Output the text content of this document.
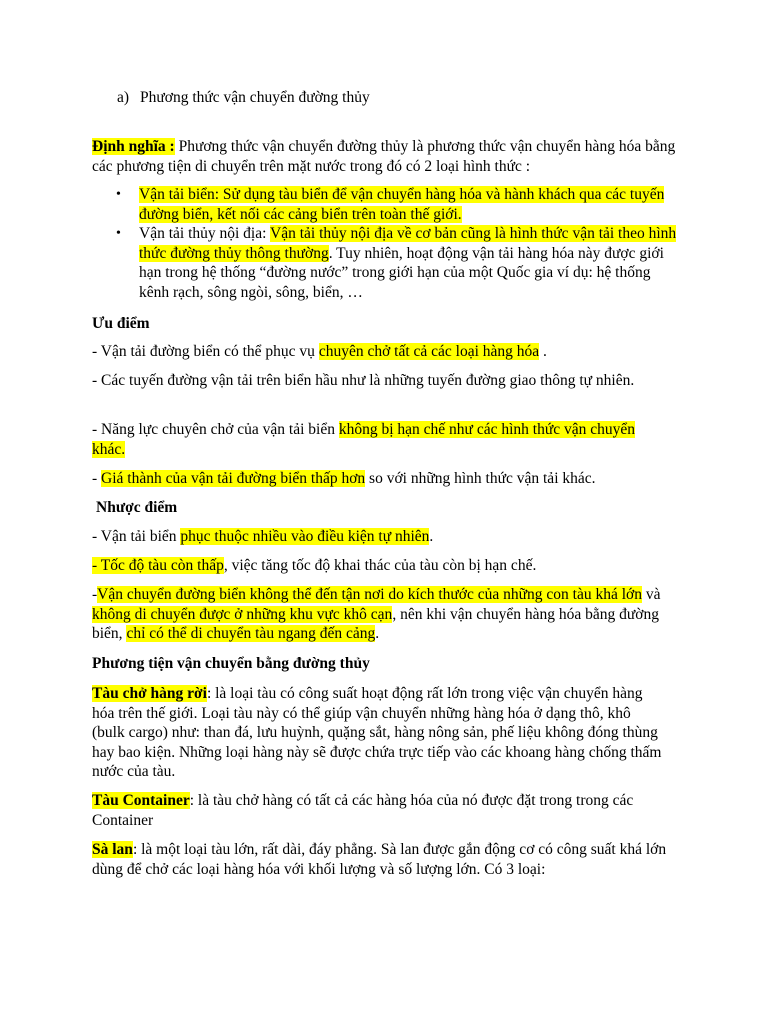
a) Phương thức vận chuyển đường thủy

Định nghĩa : Phương thức vận chuyển đường thủy là phương thức vận chuyển hàng hóa bằng các phương tiện di chuyển trên mặt nước trong đó có 2 loại hình thức :

• Vận tải biển: Sử dụng tàu biển để vận chuyển hàng hóa và hành khách qua các tuyến đường biển, kết nối các cảng biển trên toàn thế giới.

• Vận tải thủy nội địa: Vận tải thủy nội địa về cơ bản cũng là hình thức vận tải theo hình thức đường thủy thông thường. Tuy nhiên, hoạt động vận tải hàng hóa này được giới hạn trong hệ thống “đường nước” trong giới hạn của một Quốc gia ví dụ: hệ thống kênh rạch, sông ngòi, sông, biển, …

Ưu điểm

- Vận tải đường biển có thể phục vụ chuyên chở tất cả các loại hàng hóa .

- Các tuyến đường vận tải trên biển hầu như là những tuyến đường giao thông tự nhiên.

- Năng lực chuyên chở của vận tải biển không bị hạn chế như các hình thức vận chuyển khác.

- Giá thành của vận tải đường biển thấp hơn so với những hình thức vận tải khác.

Nhược điểm

- Vận tải biển phục thuộc nhiều vào điều kiện tự nhiên.

- Tốc độ tàu còn thấp, việc tăng tốc độ khai thác của tàu còn bị hạn chế.

-Vận chuyển đường biển không thể đến tận nơi do kích thước của những con tàu khá lớn và không di chuyển được ở những khu vực khô cạn, nên khi vận chuyển hàng hóa bằng đường biển, chỉ có thể di chuyển tàu ngang đến cảng.

Phương tiện vận chuyển bằng đường thủy

Tàu chở hàng rời: là loại tàu có công suất hoạt động rất lớn trong việc vận chuyển hàng hóa trên thế giới. Loại tàu này có thể giúp vận chuyển những hàng hóa ở dạng thô, khô (bulk cargo) như: than đá, lưu huỳnh, quặng sắt, hàng nông sản, phế liệu không đóng thùng hay bao kiện. Những loại hàng này sẽ được chứa trực tiếp vào các khoang hàng chống thấm nước của tàu.

Tàu Container: là tàu chở hàng có tất cả các hàng hóa của nó được đặt trong trong các Container

Sà lan: là một loại tàu lớn, rất dài, đáy phẳng. Sà lan được gắn động cơ có công suất khá lớn dùng để chở các loại hàng hóa với khối lượng và số lượng lớn. Có 3 loại:
